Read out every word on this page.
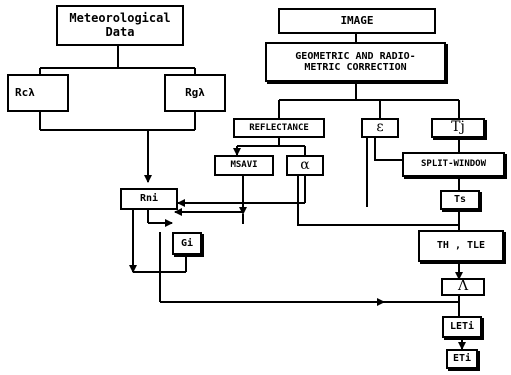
Meteorological Data
Rcλ	Rgλ
IMAGE
GEOMETRIC AND RADIO-
METRIC CORRECTION
REFLECTANCE	ε	Tj
MSAVI	α	SPLIT-WINDOW
Rni	Ts
Gi	TH , TLE
Λ
LETi
ETi
